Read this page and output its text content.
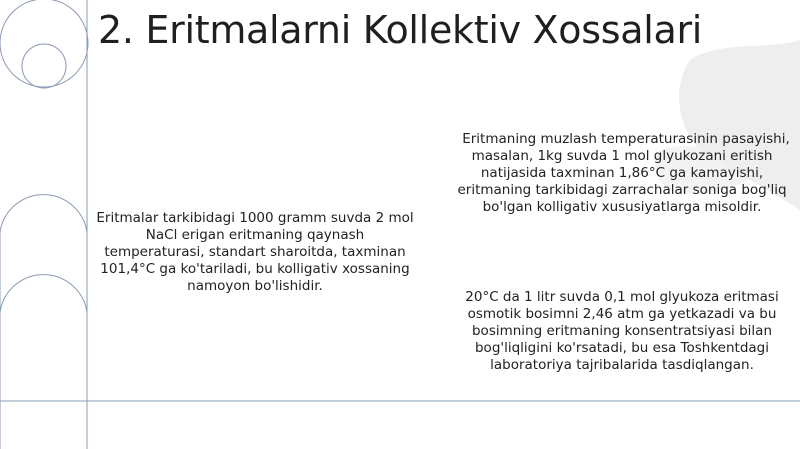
2. Eritmalarni Kollektiv Xossalari
Eritmalar tarkibidagi 1000 gramm suvda 2 mol NaCl erigan eritmaning qaynash temperaturasi, standart sharoitda, taxminan 101,4°C ga ko'tariladi, bu kolligativ xossaning namoyon bo'lishidir.
Eritmaning muzlash temperaturasinin pasayishi, masalan, 1kg suvda 1 mol glyukozani eritish natijasida taxminan 1,86°C ga kamayishi, eritmaning tarkibidagi zarrachalar soniga bog'liq bo'lgan kolligativ xususiyatlarga misoldir.
20°C da 1 litr suvda 0,1 mol glyukoza eritmasi osmotik bosimni 2,46 atm ga yetkazadi va bu bosimning eritmaning konsentratsiyasi bilan bog'liqligini ko'rsatadi, bu esa Toshkentdagi laboratoriya tajribalarida tasdiqlangan.
